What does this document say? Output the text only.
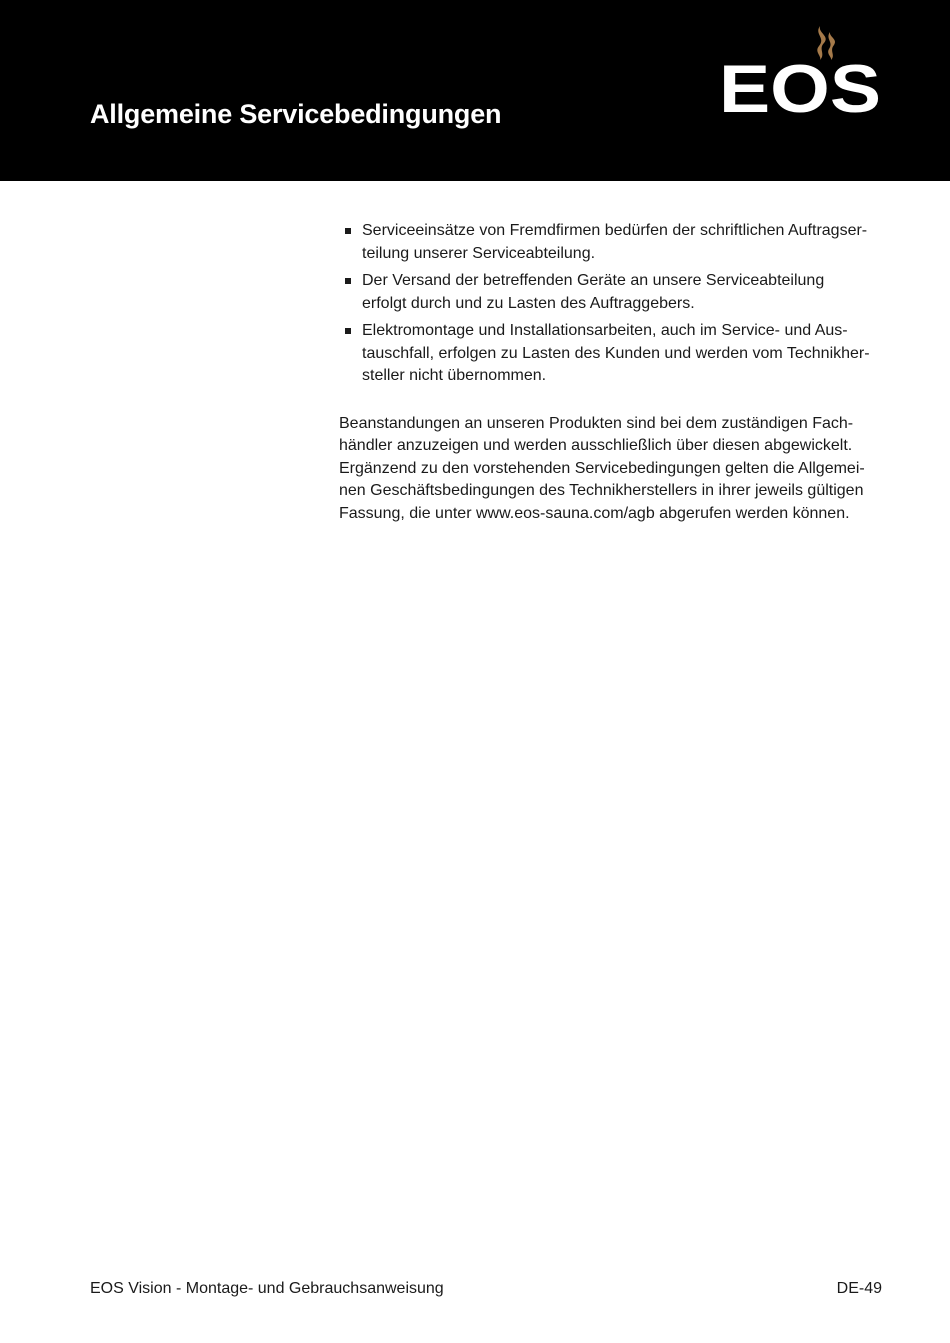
Allgemeine Servicebedingungen	EOS
Serviceeinsätze von Fremdfirmen bedürfen der schriftlichen Auftragser-
teilung unserer Serviceabteilung.
Der Versand der betreffenden Geräte an unsere Serviceabteilung
erfolgt durch und zu Lasten des Auftraggebers.
Elektromontage und Installationsarbeiten, auch im Service- und Aus-
tauschfall, erfolgen zu Lasten des Kunden und werden vom Technikher-
steller nicht übernommen.

Beanstandungen an unseren Produkten sind bei dem zuständigen Fach-
händler anzuzeigen und werden ausschließlich über diesen abgewickelt.
Ergänzend zu den vorstehenden Servicebedingungen gelten die Allgemei-
nen Geschäftsbedingungen des Technikherstellers in ihrer jeweils gültigen
Fassung, die unter www.eos-sauna.com/agb abgerufen werden können.

EOS Vision - Montage- und Gebrauchsanweisung	DE-49
